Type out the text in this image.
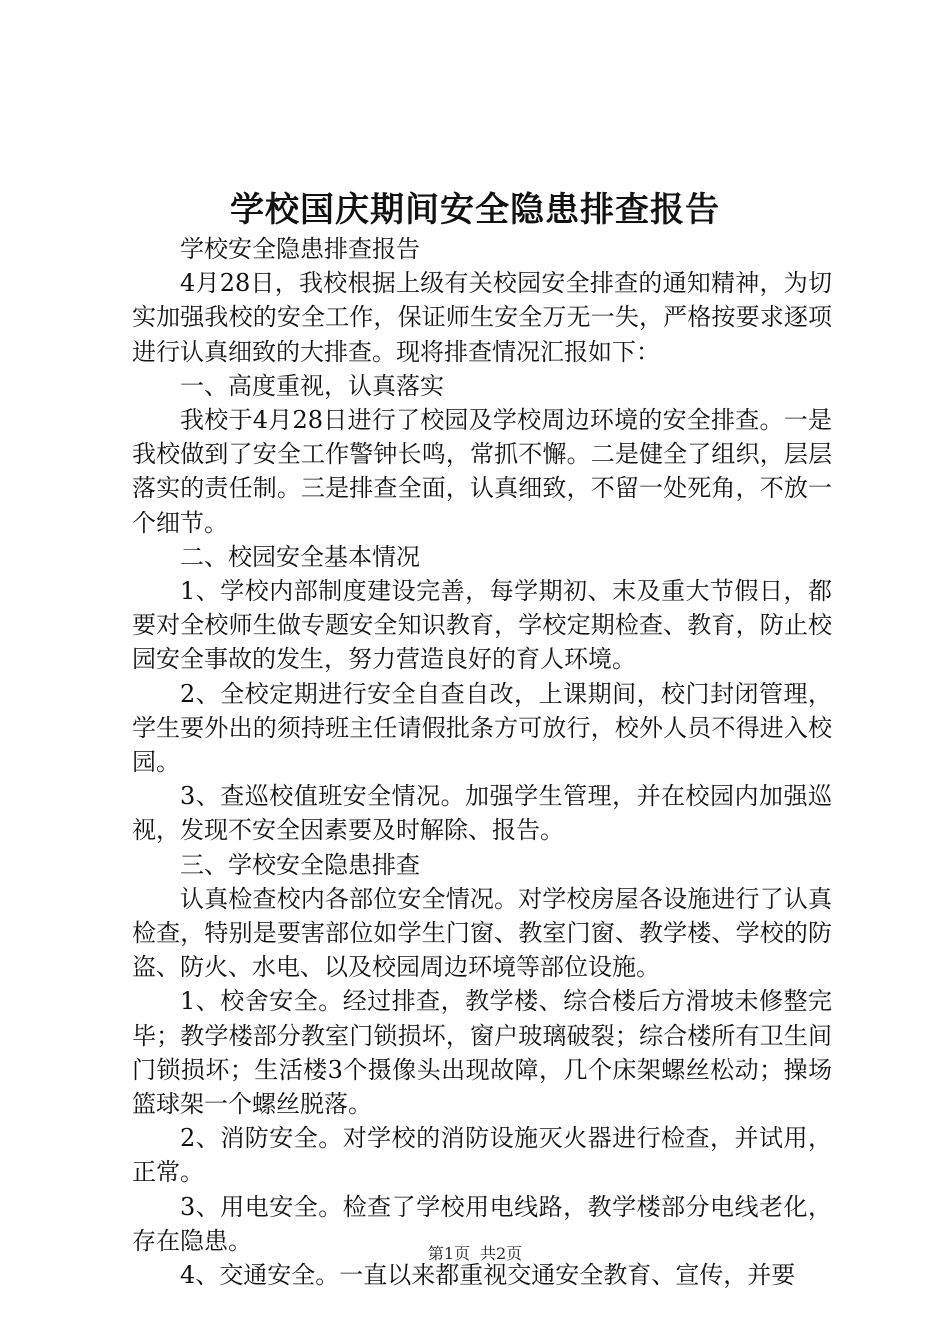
学校国庆期间安全隐患排查报告

学校安全隐患排查报告

4月28日，我校根据上级有关校园安全排查的通知精神，为切实加强我校的安全工作，保证师生安全万无一失，严格按要求逐项进行认真细致的大排查。现将排查情况汇报如下：

一、高度重视，认真落实

我校于4月28日进行了校园及学校周边环境的安全排查。一是我校做到了安全工作警钟长鸣，常抓不懈。二是健全了组织，层层落实的责任制。三是排查全面，认真细致，不留一处死角，不放一个细节。

二、校园安全基本情况

1、学校内部制度建设完善，每学期初、末及重大节假日，都要对全校师生做专题安全知识教育，学校定期检查、教育，防止校园安全事故的发生，努力营造良好的育人环境。

2、全校定期进行安全自查自改，上课期间，校门封闭管理，学生要外出的须持班主任请假批条方可放行，校外人员不得进入校园。

3、查巡校值班安全情况。加强学生管理，并在校园内加强巡视，发现不安全因素要及时解除、报告。

三、学校安全隐患排查

认真检查校内各部位安全情况。对学校房屋各设施进行了认真检查，特别是要害部位如学生门窗、教室门窗、教学楼、学校的防盗、防火、水电、以及校园周边环境等部位设施。

1、校舍安全。经过排查，教学楼、综合楼后方滑坡未修整完毕；教学楼部分教室门锁损坏，窗户玻璃破裂；综合楼所有卫生间门锁损坏；生活楼3个摄像头出现故障，几个床架螺丝松动；操场篮球架一个螺丝脱落。

2、消防安全。对学校的消防设施灭火器进行检查，并试用，正常。

3、用电安全。检查了学校用电线路，教学楼部分电线老化，存在隐患。

4、交通安全。一直以来都重视交通安全教育、宣传，并要

第1页 共2页
